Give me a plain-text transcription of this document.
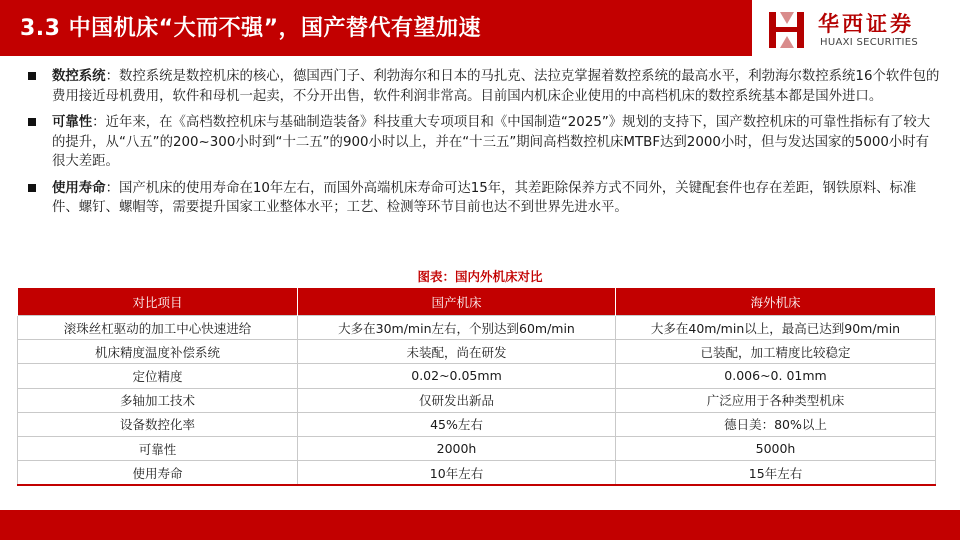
3.3 中国机床“大而不强”，国产替代有望加速	华西证券
HUAXI SECURITIES
数控系统：数控系统是数控机床的核心，德国西门子、利勃海尔和日本的马扎克、法拉克掌握着数控系统的最高水平，利勃海尔数控系统16个软件包的费用接近母机费用，软件和母机一起卖，不分开出售，软件利润非常高。目前国内机床企业使用的中高档机床的数控系统基本都是国外进口。
可靠性：近年来，在《高档数控机床与基础制造装备》科技重大专项项目和《中国制造“2025”》规划的支持下，国产数控机床的可靠性指标有了较大的提升，从“八五”的200~300小时到“十二五”的900小时以上，并在“十三五”期间高档数控机床MTBF达到2000小时，但与发达国家的5000小时有很大差距。
使用寿命：国产机床的使用寿命在10年左右，而国外高端机床寿命可达15年，其差距除保养方式不同外，关键配套件也存在差距，钢铁原料、标准件、螺钉、螺帽等，需要提升国家工业整体水平；工艺、检测等环节目前也达不到世界先进水平。
图表：国内外机床对比
对比项目	国产机床	海外机床
滚珠丝杠驱动的加工中心快速进给	大多在30m/min左右，个别达到60m/min	大多在40m/min以上，最高已达到90m/min
机床精度温度补偿系统	未装配，尚在研发	已装配，加工精度比较稳定
定位精度	0.02~0.05mm	0.006~0. 01mm
多轴加工技术	仅研发出新品	广泛应用于各种类型机床
设备数控化率	45%左右	德日美：80%以上
可靠性	2000h	5000h
使用寿命	10年左右	15年左右
